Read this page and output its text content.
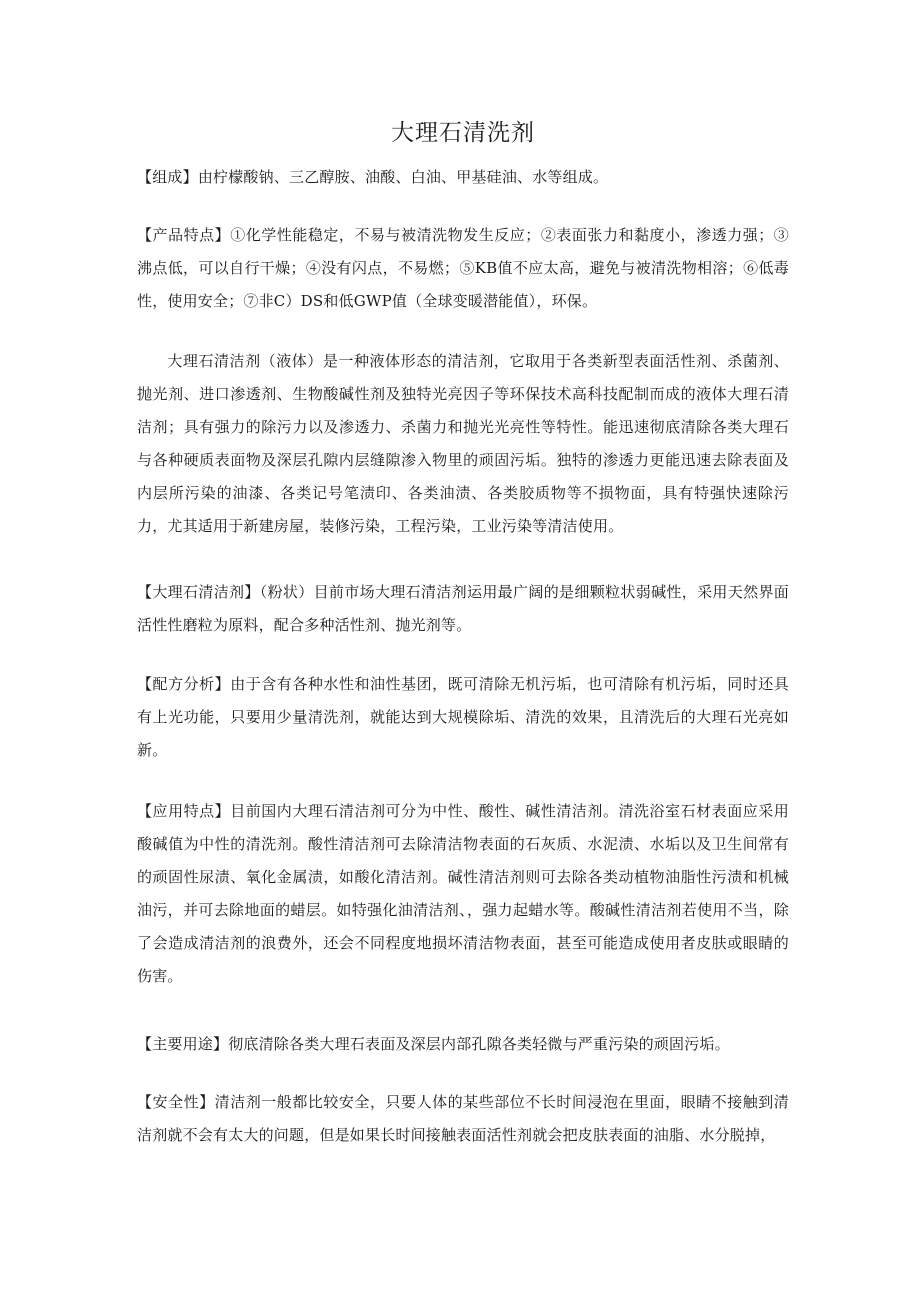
大理石清洗剂
【组成】由柠檬酸钠、三乙醇胺、油酸、白油、甲基硅油、水等组成。
【产品特点】①化学性能稳定，不易与被清洗物发生反应；②表面张力和黏度小，渗透力强；③沸点低，可以自行干燥；④没有闪点，不易燃；⑤KB值不应太高，避免与被清洗物相溶；⑥低毒性，使用安全；⑦非C）DS和低GWP值（全球变暖潜能值），环保。
大理石清洁剂（液体）是一种液体形态的清洁剂，它取用于各类新型表面活性剂、杀菌剂、抛光剂、进口渗透剂、生物酸碱性剂及独特光亮因子等环保技术高科技配制而成的液体大理石清洁剂；具有强力的除污力以及渗透力、杀菌力和抛光光亮性等特性。能迅速彻底清除各类大理石与各种硬质表面物及深层孔隙内层缝隙渗入物里的顽固污垢。独特的渗透力更能迅速去除表面及内层所污染的油漆、各类记号笔渍印、各类油渍、各类胶质物等不损物面，具有特强快速除污力，尤其适用于新建房屋，装修污染，工程污染，工业污染等清洁使用。
【大理石清洁剂】（粉状）目前市场大理石清洁剂运用最广阔的是细颗粒状弱碱性，采用天然界面活性性磨粒为原料，配合多种活性剂、抛光剂等。
【配方分析】由于含有各种水性和油性基团，既可清除无机污垢，也可清除有机污垢，同时还具有上光功能，只要用少量清洗剂，就能达到大规模除垢、清洗的效果，且清洗后的大理石光亮如新。
【应用特点】目前国内大理石清洁剂可分为中性、酸性、碱性清洁剂。清洗浴室石材表面应采用酸碱值为中性的清洗剂。酸性清洁剂可去除清洁物表面的石灰质、水泥渍、水垢以及卫生间常有的顽固性尿渍、氧化金属渍，如酸化清洁剂。碱性清洁剂则可去除各类动植物油脂性污渍和机械油污，并可去除地面的蜡层。如特强化油清洁剂、，强力起蜡水等。酸碱性清洁剂若使用不当，除了会造成清洁剂的浪费外，还会不同程度地损坏清洁物表面，甚至可能造成使用者皮肤或眼睛的伤害。
【主要用途】彻底清除各类大理石表面及深层内部孔隙各类轻微与严重污染的顽固污垢。
【安全性】清洁剂一般都比较安全，只要人体的某些部位不长时间浸泡在里面，眼睛不接触到清洁剂就不会有太大的问题，但是如果长时间接触表面活性剂就会把皮肤表面的油脂、水分脱掉，
